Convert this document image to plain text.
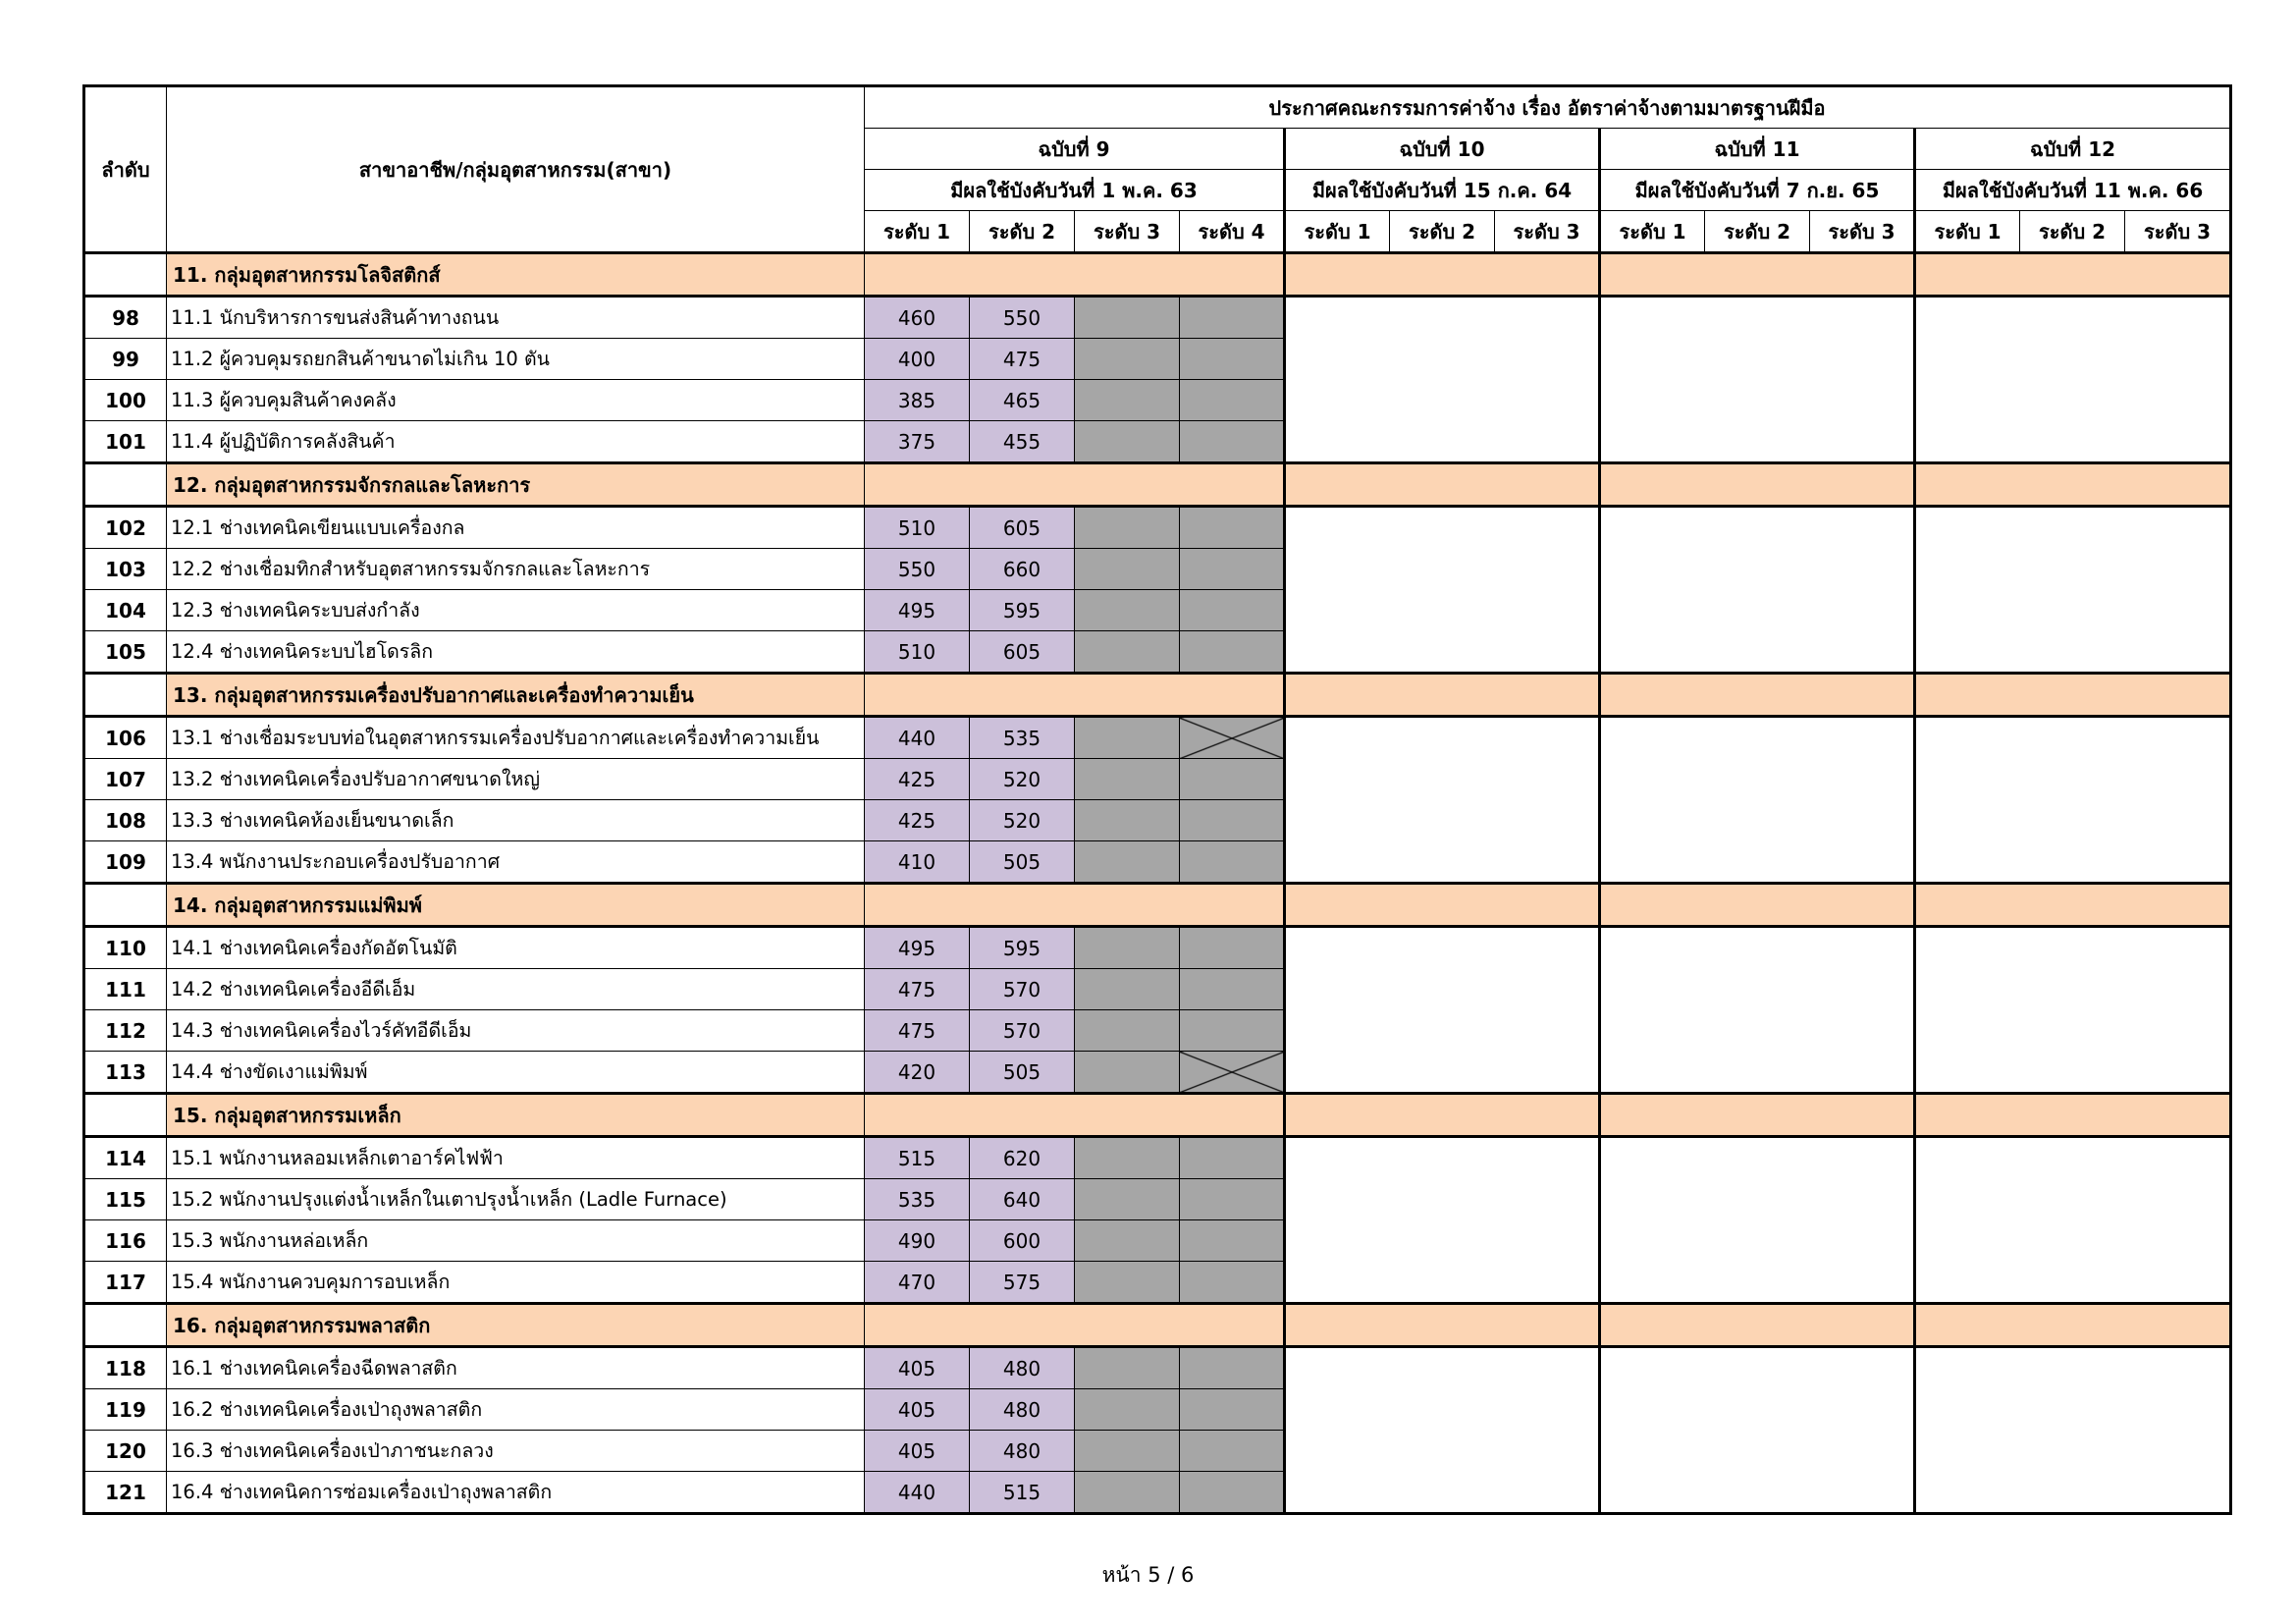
ลำดับ	สาขาอาชีพ/กลุ่มอุตสาหกรรม(สาขา)	ประกาศคณะกรรมการค่าจ้าง เรื่อง อัตราค่าจ้างตามมาตรฐานฝีมือ												
		ฉบับที่ 9				ฉบับที่ 10			ฉบับที่ 11			ฉบับที่ 12		
		มีผลใช้บังคับวันที่ 1 พ.ค. 63				มีผลใช้บังคับวันที่ 15 ก.ค. 64			มีผลใช้บังคับวันที่ 7 ก.ย. 65			มีผลใช้บังคับวันที่ 11 พ.ค. 66		
		ระดับ 1	ระดับ 2	ระดับ 3	ระดับ 4	ระดับ 1	ระดับ 2	ระดับ 3	ระดับ 1	ระดับ 2	ระดับ 3	ระดับ 1	ระดับ 2	ระดับ 3
	11. กลุ่มอุตสาหกรรมโลจิสติกส์													
98	11.1 นักบริหารการขนส่งสินค้าทางถนน	460	550											
99	11.2 ผู้ควบคุมรถยกสินค้าขนาดไม่เกิน 10 ตัน	400	475											
100	11.3 ผู้ควบคุมสินค้าคงคลัง	385	465											
101	11.4 ผู้ปฏิบัติการคลังสินค้า	375	455											
	12. กลุ่มอุตสาหกรรมจักรกลและโลหะการ													
102	12.1 ช่างเทคนิคเขียนแบบเครื่องกล	510	605											
103	12.2 ช่างเชื่อมทิกสำหรับอุตสาหกรรมจักรกลและโลหะการ	550	660											
104	12.3 ช่างเทคนิคระบบส่งกำลัง	495	595											
105	12.4 ช่างเทคนิคระบบไฮโดรลิก	510	605											
	13. กลุ่มอุตสาหกรรมเครื่องปรับอากาศและเครื่องทำความเย็น													
106	13.1 ช่างเชื่อมระบบท่อในอุตสาหกรรมเครื่องปรับอากาศและเครื่องทำความเย็น	440	535											
107	13.2 ช่างเทคนิคเครื่องปรับอากาศขนาดใหญ่	425	520											
108	13.3 ช่างเทคนิคห้องเย็นขนาดเล็ก	425	520											
109	13.4 พนักงานประกอบเครื่องปรับอากาศ	410	505											
	14. กลุ่มอุตสาหกรรมแม่พิมพ์													
110	14.1 ช่างเทคนิคเครื่องกัดอัตโนมัติ	495	595											
111	14.2 ช่างเทคนิคเครื่องอีดีเอ็ม	475	570											
112	14.3 ช่างเทคนิคเครื่องไวร์คัทอีดีเอ็ม	475	570											
113	14.4 ช่างขัดเงาแม่พิมพ์	420	505											
	15. กลุ่มอุตสาหกรรมเหล็ก													
114	15.1 พนักงานหลอมเหล็กเตาอาร์คไฟฟ้า	515	620											
115	15.2 พนักงานปรุงแต่งน้ำเหล็กในเตาปรุงน้ำเหล็ก (Ladle Furnace)	535	640											
116	15.3 พนักงานหล่อเหล็ก	490	600											
117	15.4 พนักงานควบคุมการอบเหล็ก	470	575											
	16. กลุ่มอุตสาหกรรมพลาสติก													
118	16.1 ช่างเทคนิคเครื่องฉีดพลาสติก	405	480											
119	16.2 ช่างเทคนิคเครื่องเป่าถุงพลาสติก	405	480											
120	16.3 ช่างเทคนิคเครื่องเป่าภาชนะกลวง	405	480											
121	16.4 ช่างเทคนิคการซ่อมเครื่องเป่าถุงพลาสติก	440	515											
หน้า 5 / 6
